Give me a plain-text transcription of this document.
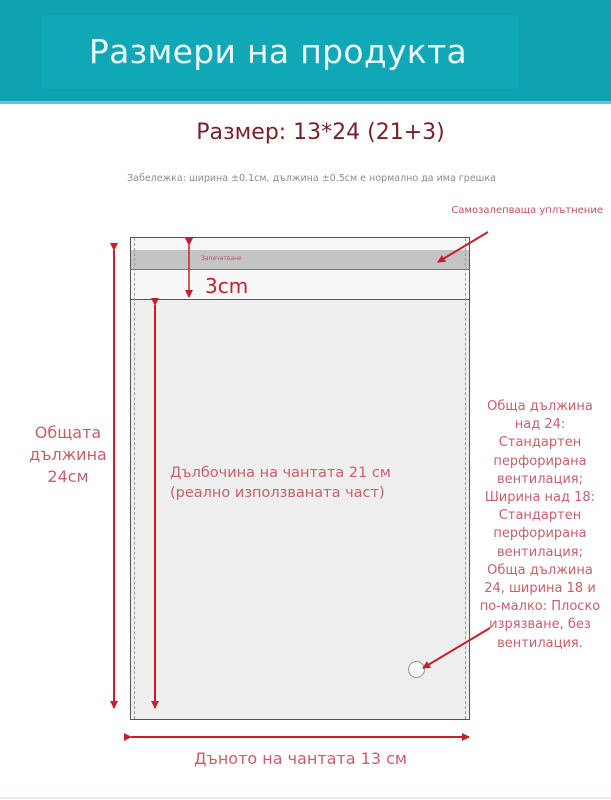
Размери на продукта
Размер: 13*24 (21+3)
Забележка: ширина ±0.1см, дължина ±0.5см е нормално да има грешка
Самозалепваща уплътнение
Запечатване
3cm
Общата дължина 24см	Дълбочина на чантата 21 см
(реално използваната част)
Обща дължина над 24: Стандартен перфорирана вентилация; Ширина над 18: Стандартен перфорирана вентилация; Обща дължина 24, ширина 18 и по-малко: Плоско изрязване, без вентилация.
Дъното на чантата 13 см
